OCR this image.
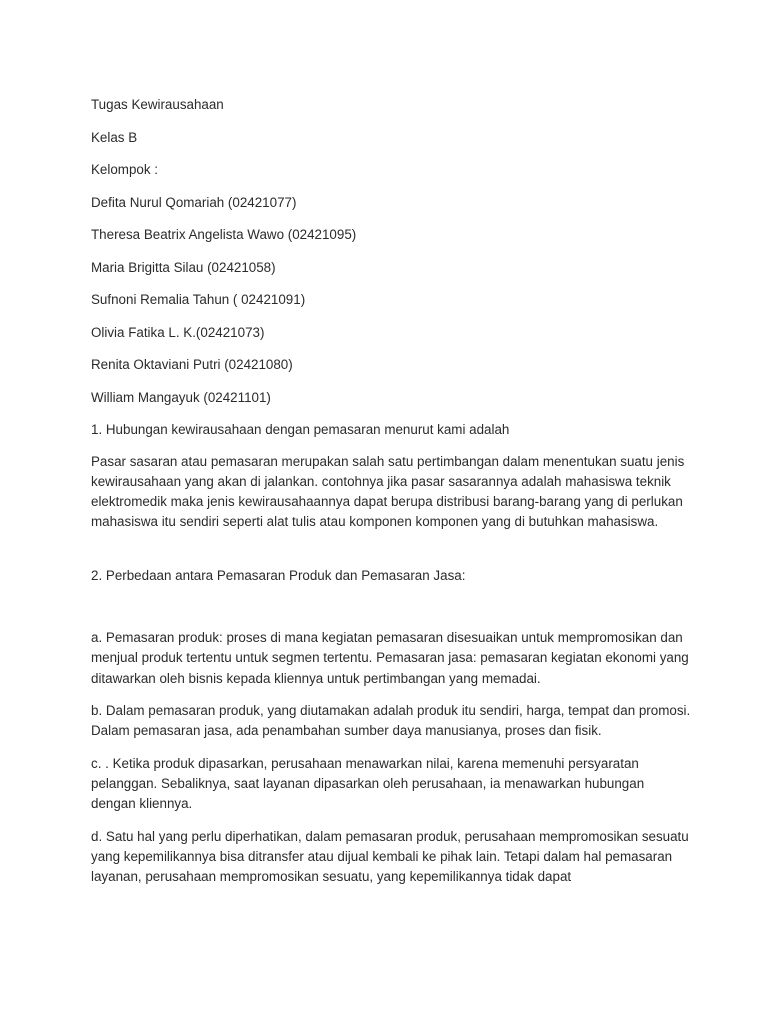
Tugas Kewirausahaan

Kelas B

Kelompok :

Defita Nurul Qomariah (02421077)

Theresa Beatrix Angelista Wawo (02421095)

Maria Brigitta Silau (02421058)

Sufnoni Remalia Tahun ( 02421091)

Olivia Fatika L. K.(02421073)

Renita Oktaviani Putri (02421080)

William Mangayuk (02421101)

1. Hubungan kewirausahaan dengan pemasaran menurut kami adalah

Pasar sasaran atau pemasaran merupakan salah satu pertimbangan dalam menentukan suatu jenis kewirausahaan yang akan di jalankan. contohnya jika pasar sasarannya adalah mahasiswa teknik elektromedik maka jenis kewirausahaannya dapat berupa distribusi barang-barang yang di perlukan mahasiswa itu sendiri seperti alat tulis atau komponen komponen yang di butuhkan mahasiswa.

2. Perbedaan antara Pemasaran Produk dan Pemasaran Jasa:

a. Pemasaran produk: proses di mana kegiatan pemasaran disesuaikan untuk mempromosikan dan menjual produk tertentu untuk segmen tertentu. Pemasaran jasa: pemasaran kegiatan ekonomi yang ditawarkan oleh bisnis kepada kliennya untuk pertimbangan yang memadai.

b. Dalam pemasaran produk, yang diutamakan adalah produk itu sendiri, harga, tempat dan promosi. Dalam pemasaran jasa, ada penambahan sumber daya manusianya, proses dan fisik.

c. . Ketika produk dipasarkan, perusahaan menawarkan nilai, karena memenuhi persyaratan pelanggan. Sebaliknya, saat layanan dipasarkan oleh perusahaan, ia menawarkan hubungan dengan kliennya.

d. Satu hal yang perlu diperhatikan, dalam pemasaran produk, perusahaan mempromosikan sesuatu yang kepemilikannya bisa ditransfer atau dijual kembali ke pihak lain. Tetapi dalam hal pemasaran layanan, perusahaan mempromosikan sesuatu, yang kepemilikannya tidak dapat
